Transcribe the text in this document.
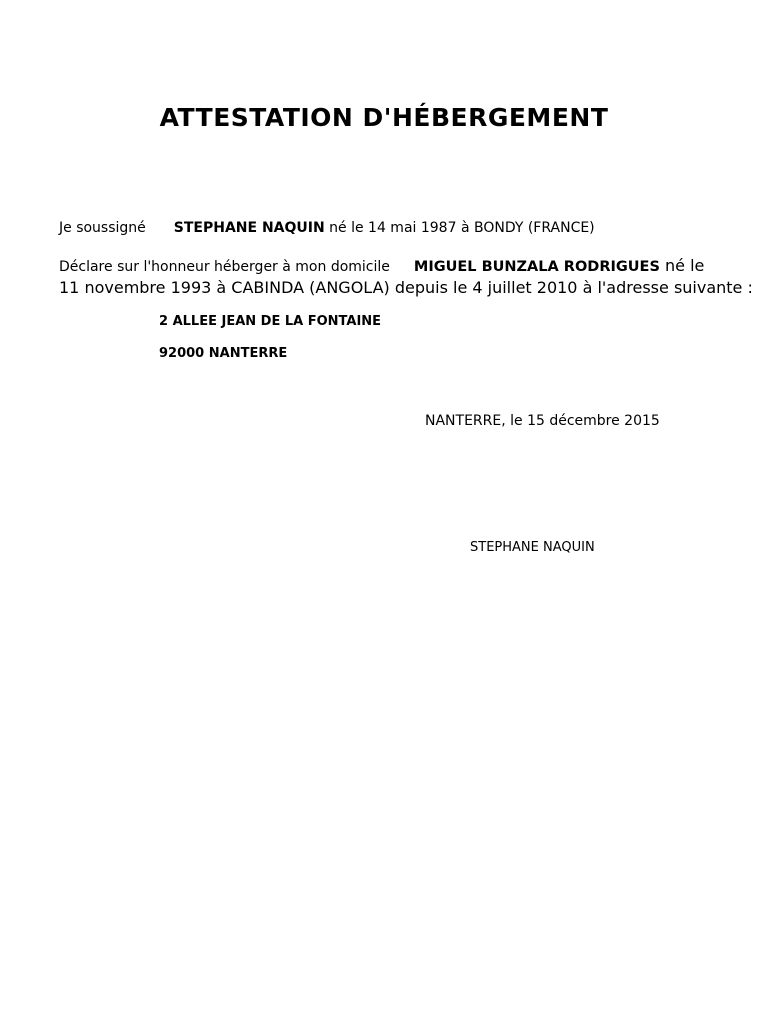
ATTESTATION D'HÉBERGEMENT
Je soussigné STEPHANE NAQUIN né le 14 mai 1987 à BONDY (FRANCE)
Déclare sur l'honneur héberger à mon domicile MIGUEL BUNZALA RODRIGUES né le
11 novembre 1993 à CABINDA (ANGOLA) depuis le 4 juillet 2010 à l'adresse suivante :
2 ALLEE JEAN DE LA FONTAINE
92000 NANTERRE
NANTERRE, le 15 décembre 2015
STEPHANE NAQUIN
